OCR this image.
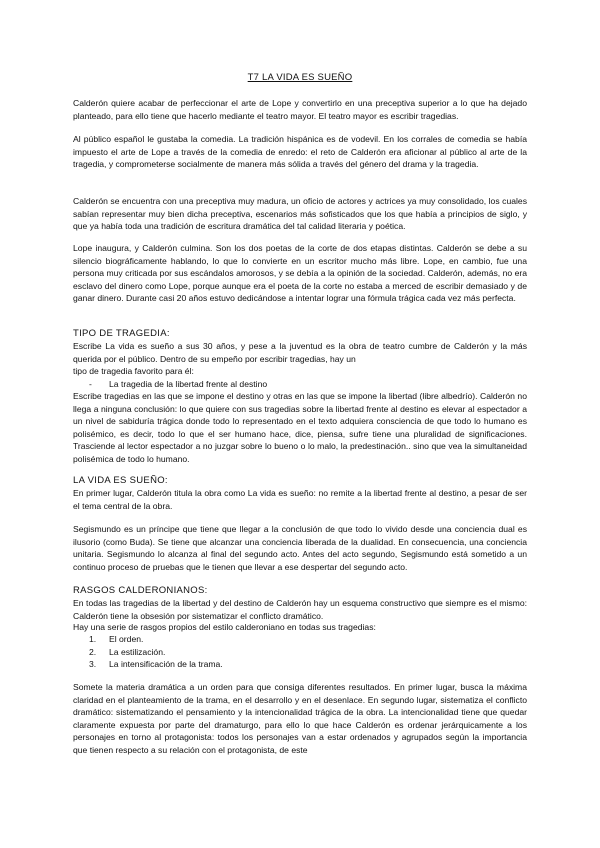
T7 LA VIDA ES SUEÑO

Calderón quiere acabar de perfeccionar el arte de Lope y convertirlo en una preceptiva superior a lo que ha dejado planteado, para ello tiene que hacerlo mediante el teatro mayor. El teatro mayor es escribir tragedias.

Al público español le gustaba la comedia. La tradición hispánica es de vodevil. En los corrales de comedia se había impuesto el arte de Lope a través de la comedia de enredo: el reto de Calderón era aficionar al público al arte de la tragedia, y comprometerse socialmente de manera más sólida a través del género del drama y la tragedia.

Calderón se encuentra con una preceptiva muy madura, un oficio de actores y actrices ya muy consolidado, los cuales sabían representar muy bien dicha preceptiva, escenarios más sofisticados que los que había a principios de siglo, y que ya había toda una tradición de escritura dramática del tal calidad literaria y poética.

Lope inaugura, y Calderón culmina. Son los dos poetas de la corte de dos etapas distintas. Calderón se debe a su silencio biográficamente hablando, lo que lo convierte en un escritor mucho más libre. Lope, en cambio, fue una persona muy criticada por sus escándalos amorosos, y se debía a la opinión de la sociedad. Calderón, además, no era esclavo del dinero como Lope, porque aunque era el poeta de la corte no estaba a merced de escribir demasiado y de ganar dinero. Durante casi 20 años estuvo dedicándose a intentar lograr una fórmula trágica cada vez más perfecta.

TIPO DE TRAGEDIA:

Escribe La vida es sueño a sus 30 años, y pese a la juventud es la obra de teatro cumbre de Calderón y la más querida por el público. Dentro de su empeño por escribir tragedias, hay un

tipo de tragedia favorito para él:

- La tragedia de la libertad frente al destino

Escribe tragedias en las que se impone el destino y otras en las que se impone la libertad (libre albedrío). Calderón no llega a ninguna conclusión: lo que quiere con sus tragedias sobre la libertad frente al destino es elevar al espectador a un nivel de sabiduría trágica donde todo lo representado en el texto adquiera consciencia de que todo lo humano es polisémico, es decir, todo lo que el ser humano hace, dice, piensa, sufre tiene una pluralidad de significaciones. Trasciende al lector espectador a no juzgar sobre lo bueno o lo malo, la predestinación.. sino que vea la simultaneidad polisémica de todo lo humano.

LA VIDA ES SUEÑO:

En primer lugar, Calderón titula la obra como La vida es sueño: no remite a la libertad frente al destino, a pesar de ser el tema central de la obra.

Segismundo es un príncipe que tiene que llegar a la conclusión de que todo lo vivido desde una conciencia dual es ilusorio (como Buda). Se tiene que alcanzar una conciencia liberada de la dualidad. En consecuencia, una conciencia unitaria. Segismundo lo alcanza al final del segundo acto. Antes del acto segundo, Segismundo está sometido a un continuo proceso de pruebas que le tienen que llevar a ese despertar del segundo acto.

RASGOS CALDERONIANOS:

En todas las tragedias de la libertad y del destino de Calderón hay un esquema constructivo que siempre es el mismo: Calderón tiene la obsesión por sistematizar el conflicto dramático.

Hay una serie de rasgos propios del estilo calderoniano en todas sus tragedias:

1. El orden.
2. La estilización.
3. La intensificación de la trama.

Somete la materia dramática a un orden para que consiga diferentes resultados. En primer lugar, busca la máxima claridad en el planteamiento de la trama, en el desarrollo y en el desenlace. En segundo lugar, sistematiza el conflicto dramático: sistematizando el pensamiento y la intencionalidad trágica de la obra. La intencionalidad tiene que quedar claramente expuesta por parte del dramaturgo, para ello lo que hace Calderón es ordenar jerárquicamente a los personajes en torno al protagonista: todos los personajes van a estar ordenados y agrupados según la importancia que tienen respecto a su relación con el protagonista, de este
